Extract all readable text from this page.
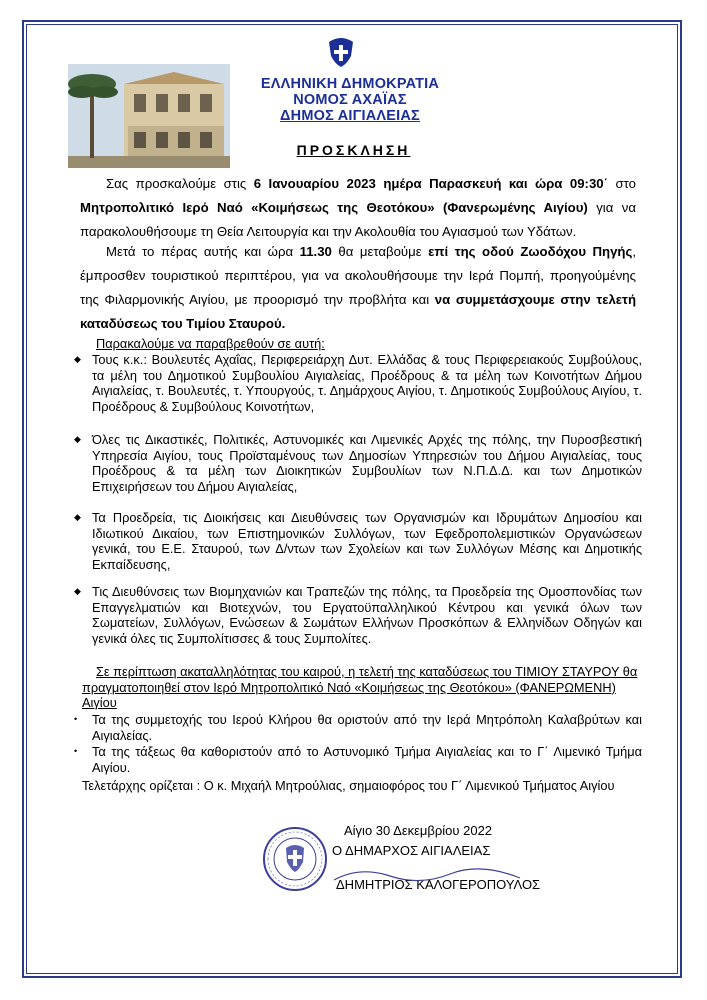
ΕΛΛΗΝΙΚΗ ΔΗΜΟΚΡΑΤΙΑ
ΝΟΜΟΣ ΑΧΑΪΑΣ
ΔΗΜΟΣ ΑΙΓΙΑΛΕΙΑΣ
ΠΡΟΣΚΛΗΣΗ
Σας προσκαλούμε στις 6 Ιανουαρίου 2023 ημέρα Παρασκευή και ώρα 09:30΄ στο Μητροπολιτικό Ιερό Ναό «Κοιμήσεως της Θεοτόκου» (Φανερωμένης Αιγίου) για να παρακολουθήσουμε τη Θεία Λειτουργία και την Ακολουθία του Αγιασμού των Υδάτων.
Μετά το πέρας αυτής και ώρα 11.30 θα μεταβούμε επί της οδού Ζωοδόχου Πηγής, έμπροσθεν τουριστικού περιπτέρου, για να ακολουθήσουμε την Ιερά Πομπή, προηγούμένης της Φιλαρμονικής Αιγίου, με προορισμό την προβλήτα και να συμμετάσχουμε στην τελετή καταδύσεως του Τιμίου Σταυρού.
Παρακαλούμε να παραβρεθούν σε αυτή:
◆ Τους κ.κ.: Βουλευτές Αχαΐας, Περιφερειάρχη Δυτ. Ελλάδας & τους Περιφερειακούς Συμβούλους, τα μέλη του Δημοτικού Συμβουλίου Αιγιαλείας, Προέδρους & τα μέλη των Κοινοτήτων Δήμου Αιγιαλείας, τ. Βουλευτές, τ. Υπουργούς, τ. Δημάρχους Αιγίου, τ. Δημοτικούς Συμβούλους Αιγίου, τ. Προέδρους & Συμβούλους Κοινοτήτων,
◆ Όλες τις Δικαστικές, Πολιτικές, Αστυνομικές και Λιμενικές Αρχές της πόλης, την Πυροσβεστική Υπηρεσία Αιγίου, τους Προϊσταμένους των Δημοσίων Υπηρεσιών του Δήμου Αιγιαλείας, τους Προέδρους & τα μέλη των Διοικητικών Συμβουλίων των Ν.Π.Δ.Δ. και των Δημοτικών Επιχειρήσεων του Δήμου Αιγιαλείας,
◆ Τα Προεδρεία, τις Διοικήσεις και Διευθύνσεις των Οργανισμών και Ιδρυμάτων Δημοσίου και Ιδιωτικού Δικαίου, των Επιστημονικών Συλλόγων, των Εφεδροπολεμιστικών Οργανώσεων γενικά, του Ε.Ε. Σταυρού, των Δ/ντων των Σχολείων και των Συλλόγων Μέσης και Δημοτικής Εκπαίδευσης,
◆ Τις Διευθύνσεις των Βιομηχανιών και Τραπεζών της πόλης, τα Προεδρεία της Ομοσπονδίας των Επαγγελματιών και Βιοτεχνών, του Εργατοϋπαλληλικού Κέντρου και γενικά όλων των Σωματείων, Συλλόγων, Ενώσεων & Σωμάτων Ελλήνων Προσκόπων & Ελληνίδων Οδηγών και γενικά όλες τις Συμπολίτισσες & τους Συμπολίτες.
Σε περίπτωση ακαταλληλότητας του καιρού, η τελετή της καταδύσεως του ΤΙΜΙΟΥ ΣΤΑΥΡΟΥ θα πραγματοποιηθεί στον Ιερό Μητροπολιτικό Ναό «Κοιμήσεως της Θεοτόκου» (ΦΑΝΕΡΩΜΕΝΗ) Αιγίου
• Τα της συμμετοχής του Ιερού Κλήρου θα οριστούν από την Ιερά Μητρόπολη Καλαβρύτων και Αιγιαλείας.
• Τα της τάξεως θα καθοριστούν από το Αστυνομικό Τμήμα Αιγιαλείας και το Γ΄ Λιμενικό Τμήμα Αιγίου.
Τελετάρχης ορίζεται : Ο κ. Μιχαήλ Μητρούλιας, σημαιοφόρος του Γ΄ Λιμενικού Τμήματος Αιγίου
Αίγιο 30 Δεκεμβρίου 2022
Ο ΔΗΜΑΡΧΟΣ ΑΙΓΙΑΛΕΙΑΣ
ΔΗΜΗΤΡΙΟΣ ΚΑΛΟΓΕΡΟΠΟΥΛΟΣ
